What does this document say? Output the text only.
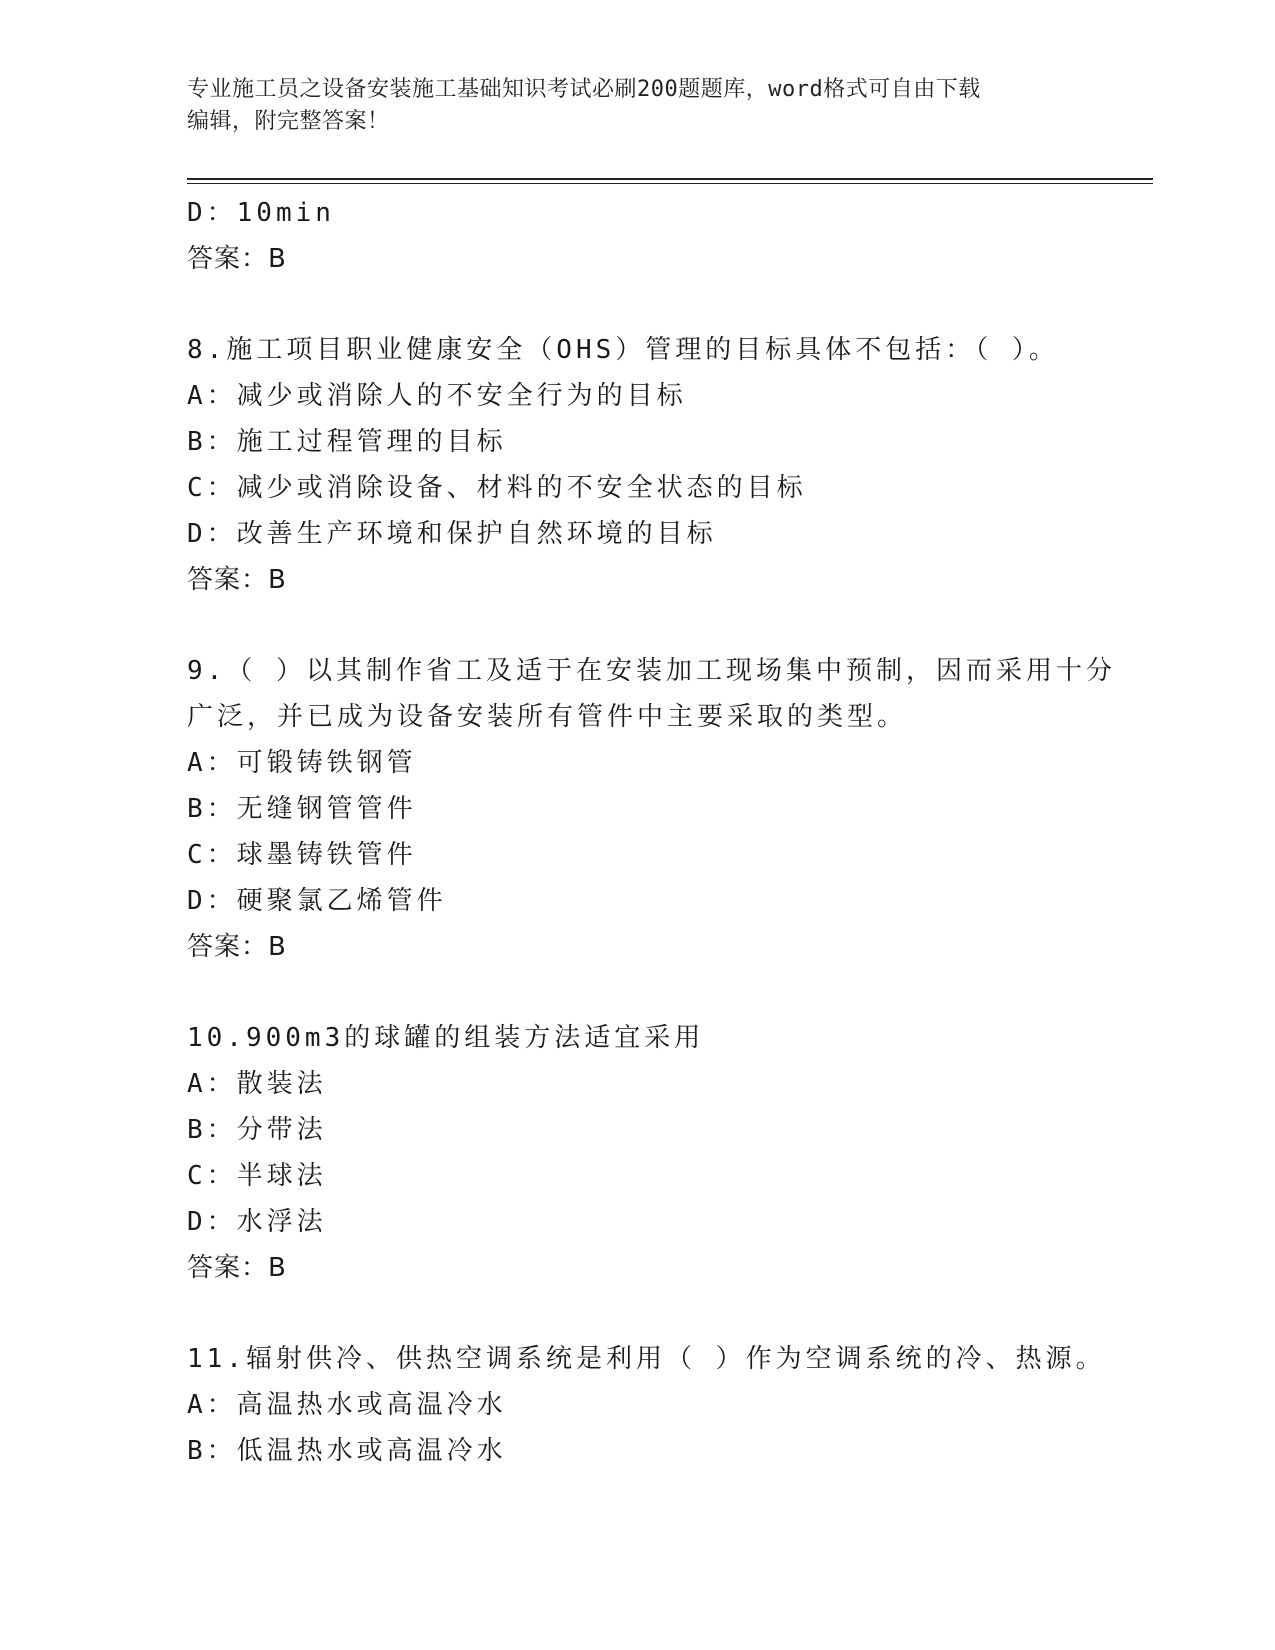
专业施工员之设备安装施工基础知识考试必刷200题题库，word格式可自由下载
编辑，附完整答案！
D：10min
答案：B
8.施工项目职业健康安全（OHS）管理的目标具体不包括：（ ）。
A：减少或消除人的不安全行为的目标
B：施工过程管理的目标
C：减少或消除设备、材料的不安全状态的目标
D：改善生产环境和保护自然环境的目标
答案：B
9.（ ）以其制作省工及适于在安装加工现场集中预制，因而采用十分
广泛，并已成为设备安装所有管件中主要采取的类型。
A：可锻铸铁钢管
B：无缝钢管管件
C：球墨铸铁管件
D：硬聚氯乙烯管件
答案：B
10.900m3的球罐的组装方法适宜采用
A：散装法
B：分带法
C：半球法
D：水浮法
答案：B
11.辐射供冷、供热空调系统是利用（ ）作为空调系统的冷、热源。
A：高温热水或高温冷水
B：低温热水或高温冷水
